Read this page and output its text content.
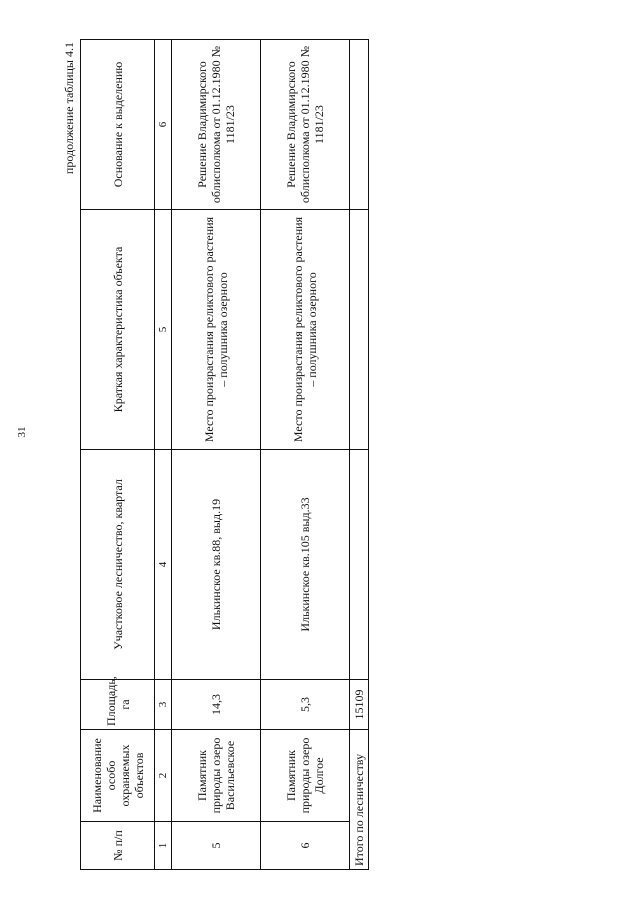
31
продолжение таблицы 4.1
№ п/п	Наименование особо охраняемых объектов	Площадь, га	Участковое лесничество, квартал	Краткая характеристика объекта	Основание к выделению
1	2	3	4	5	6
5	Памятник природы озеро Васильевское	14,3	Илькинское кв.88, выд.19	Место произрастания реликтового растения – полушника озерного	Решение Владимирского облисполкома от 01.12.1980 № 1181/23
6	Памятник природы озеро Долгое	5,3	Илькинское кв.105 выд.33	Место произрастания реликтового растения – полушника озерного	Решение Владимирского облисполкома от 01.12.1980 № 1181/23
Итого по лесничеству		15109			
